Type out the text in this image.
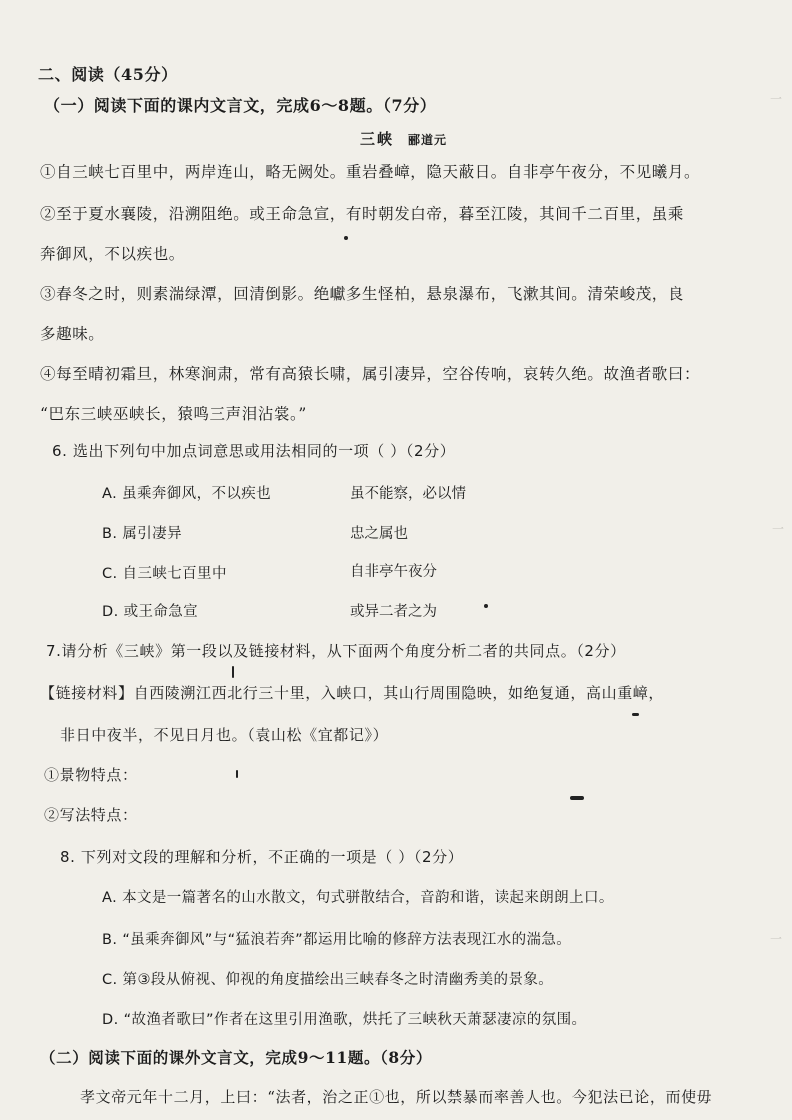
一
一
一
二、阅读（45分）
（一）阅读下面的课内文言文，完成6～8题。（7分）
三峡 郦道元
①自三峡七百里中，两岸连山，略无阙处。重岩叠嶂，隐天蔽日。自非亭午夜分，不见曦月。
②至于夏水襄陵，沿溯阻绝。或王命急宣，有时朝发白帝，暮至江陵，其间千二百里，虽乘
奔御风，不以疾也。
③春冬之时，则素湍绿潭，回清倒影。绝巘多生怪柏，悬泉瀑布，飞漱其间。清荣峻茂，良
多趣味。
④每至晴初霜旦，林寒涧肃，常有高猿长啸，属引凄异，空谷传响，哀转久绝。故渔者歌曰：
“巴东三峡巫峡长，猿鸣三声泪沾裳。”
6. 选出下列句中加点词意思或用法相同的一项（ ）（2分）
A. 虽乘奔御风，不以疾也	虽不能察，必以情
B. 属引凄异	忠之属也
C. 自三峡七百里中	自非亭午夜分
D. 或王命急宣	或异二者之为
7.请分析《三峡》第一段以及链接材料，从下面两个角度分析二者的共同点。（2分）
【链接材料】自西陵溯江西北行三十里，入峡口，其山行周围隐映，如绝复通，高山重嶂，
非日中夜半，不见日月也。（袁山松《宜都记》）
①景物特点：
②写法特点：
8. 下列对文段的理解和分析，不正确的一项是（ ）（2分）
A. 本文是一篇著名的山水散文，句式骈散结合，音韵和谐，读起来朗朗上口。
B. “虽乘奔御风”与“猛浪若奔”都运用比喻的修辞方法表现江水的湍急。
C. 第③段从俯视、仰视的角度描绘出三峡春冬之时清幽秀美的景象。
D. “故渔者歌曰”作者在这里引用渔歌，烘托了三峡秋天萧瑟凄凉的氛围。
（二）阅读下面的课外文言文，完成9～11题。（8分）
孝文帝元年十二月，上曰：“法者，治之正①也，所以禁暴而率善人也。今犯法已论，而使毋
